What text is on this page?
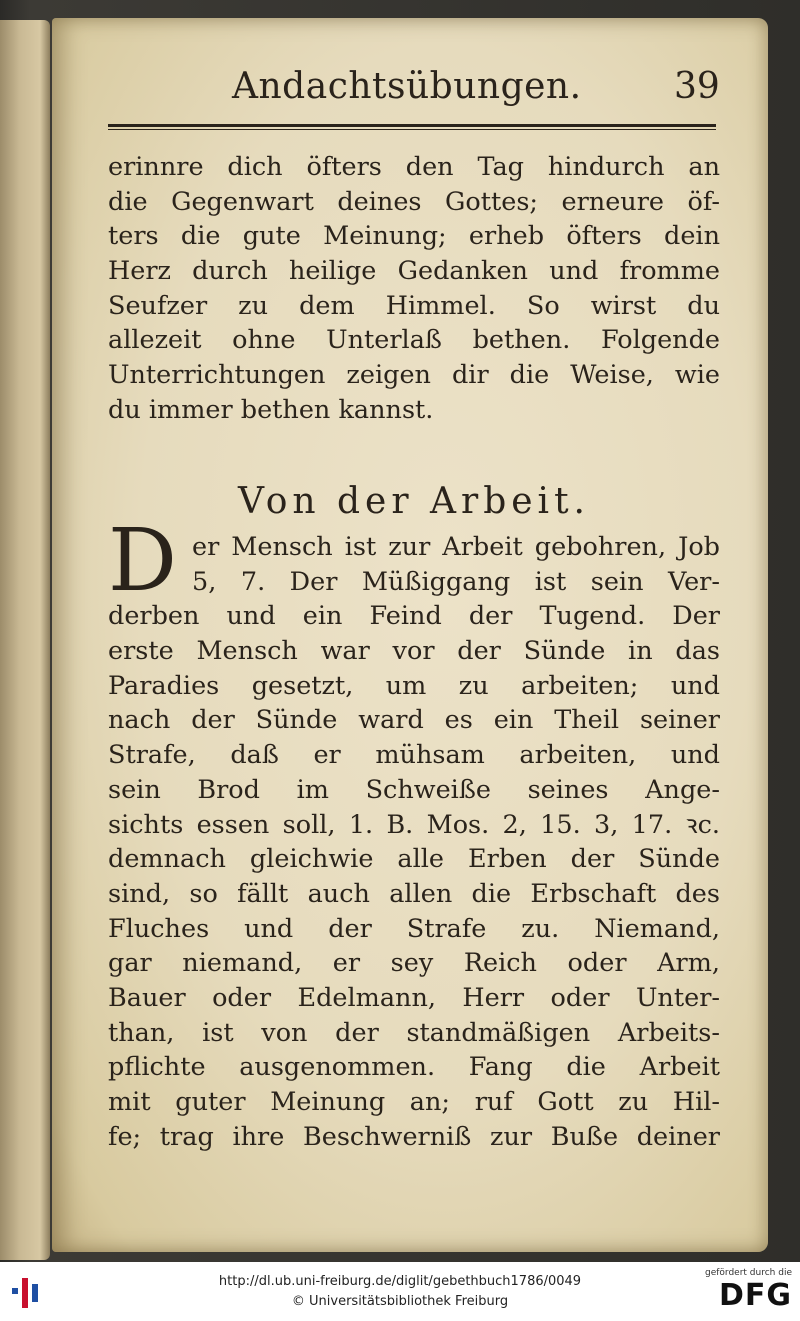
Andachtsübungen.	39
erinnre dich öfters den Tag hindurch an
die Gegenwart deines Gottes; erneure öf-
ters die gute Meinung; erheb öfters dein
Herz durch heilige Gedanken und fromme
Seufzer zu dem Himmel. So wirst du
allezeit ohne Unterlaß bethen. Folgende
Unterrichtungen zeigen dir die Weise, wie
du immer bethen kannst.
Von der Arbeit.
D er Mensch ist zur Arbeit gebohren, Job
5, 7. Der Müßiggang ist sein Ver-
derben und ein Feind der Tugend. Der
erste Mensch war vor der Sünde in das
Paradies gesetzt, um zu arbeiten; und
nach der Sünde ward es ein Theil seiner
Strafe, daß er mühsam arbeiten, und
sein Brod im Schweiße seines Ange-
sichts essen soll, 1. B. Mos. 2, 15. 3, 17. ꝛc.
demnach gleichwie alle Erben der Sünde
sind, so fällt auch allen die Erbschaft des
Fluches und der Strafe zu. Niemand,
gar niemand, er sey Reich oder Arm,
Bauer oder Edelmann, Herr oder Unter-
than, ist von der standmäßigen Arbeits-
pflichte ausgenommen. Fang die Arbeit
mit guter Meinung an; ruf Gott zu Hil-
fe; trag ihre Beschwerniß zur Buße deiner
http://dl.ub.uni-freiburg.de/diglit/gebethbuch1786/0049
© Universitätsbibliothek Freiburg
gefördert durch die
DFG
